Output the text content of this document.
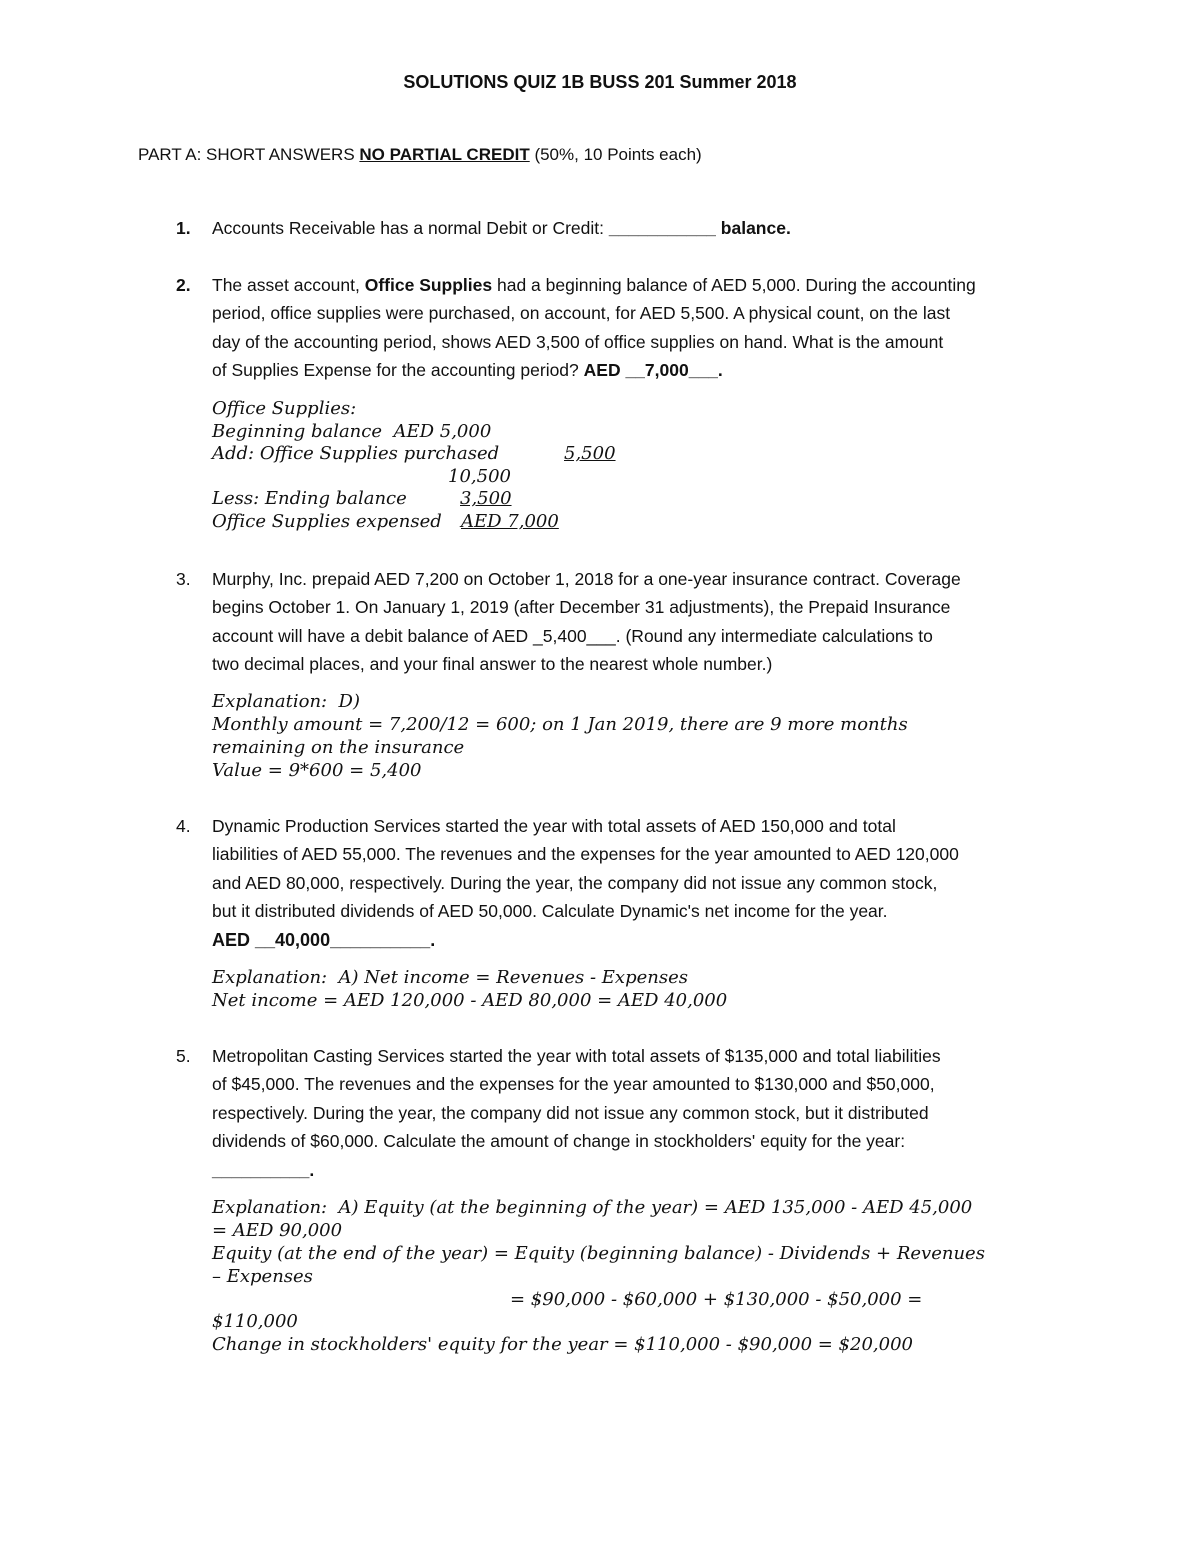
SOLUTIONS QUIZ 1B BUSS 201 Summer 2018
PART A: SHORT ANSWERS NO PARTIAL CREDIT (50%, 10 Points each)
1. Accounts Receivable has a normal Debit or Credit: ___________ balance.
2. The asset account, Office Supplies had a beginning balance of AED 5,000. During the accounting
period, office supplies were purchased, on account, for AED 5,500. A physical count, on the last
day of the accounting period, shows AED 3,500 of office supplies on hand. What is the amount
of Supplies Expense for the accounting period? AED __7,000___.
Office Supplies:
Beginning balance  AED 5,000
Add: Office Supplies purchased	5,500
10,500
Less: Ending balance	3,500
Office Supplies expensed AED 7,000
3. Murphy, Inc. prepaid AED 7,200 on October 1, 2018 for a one-year insurance contract. Coverage
begins October 1. On January 1, 2019 (after December 31 adjustments), the Prepaid Insurance
account will have a debit balance of AED _5,400___. (Round any intermediate calculations to
two decimal places, and your final answer to the nearest whole number.)
Explanation:  D)
Monthly amount = 7,200/12 = 600; on 1 Jan 2019, there are 9 more months
remaining on the insurance
Value = 9*600 = 5,400
4. Dynamic Production Services started the year with total assets of AED 150,000 and total
liabilities of AED 55,000. The revenues and the expenses for the year amounted to AED 120,000
and AED 80,000, respectively. During the year, the company did not issue any common stock,
but it distributed dividends of AED 50,000. Calculate Dynamic's net income for the year.
AED __40,000__________.
Explanation:  A) Net income = Revenues - Expenses
Net income = AED 120,000 - AED 80,000 = AED 40,000
5. Metropolitan Casting Services started the year with total assets of $135,000 and total liabilities
of $45,000. The revenues and the expenses for the year amounted to $130,000 and $50,000,
respectively. During the year, the company did not issue any common stock, but it distributed
dividends of $60,000. Calculate the amount of change in stockholders' equity for the year:
__________.
Explanation:  A) Equity (at the beginning of the year) = AED 135,000 - AED 45,000
= AED 90,000
Equity (at the end of the year) = Equity (beginning balance) - Dividends + Revenues
– Expenses
= $90,000 - $60,000 + $130,000 - $50,000 =
$110,000
Change in stockholders' equity for the year = $110,000 - $90,000 = $20,000
